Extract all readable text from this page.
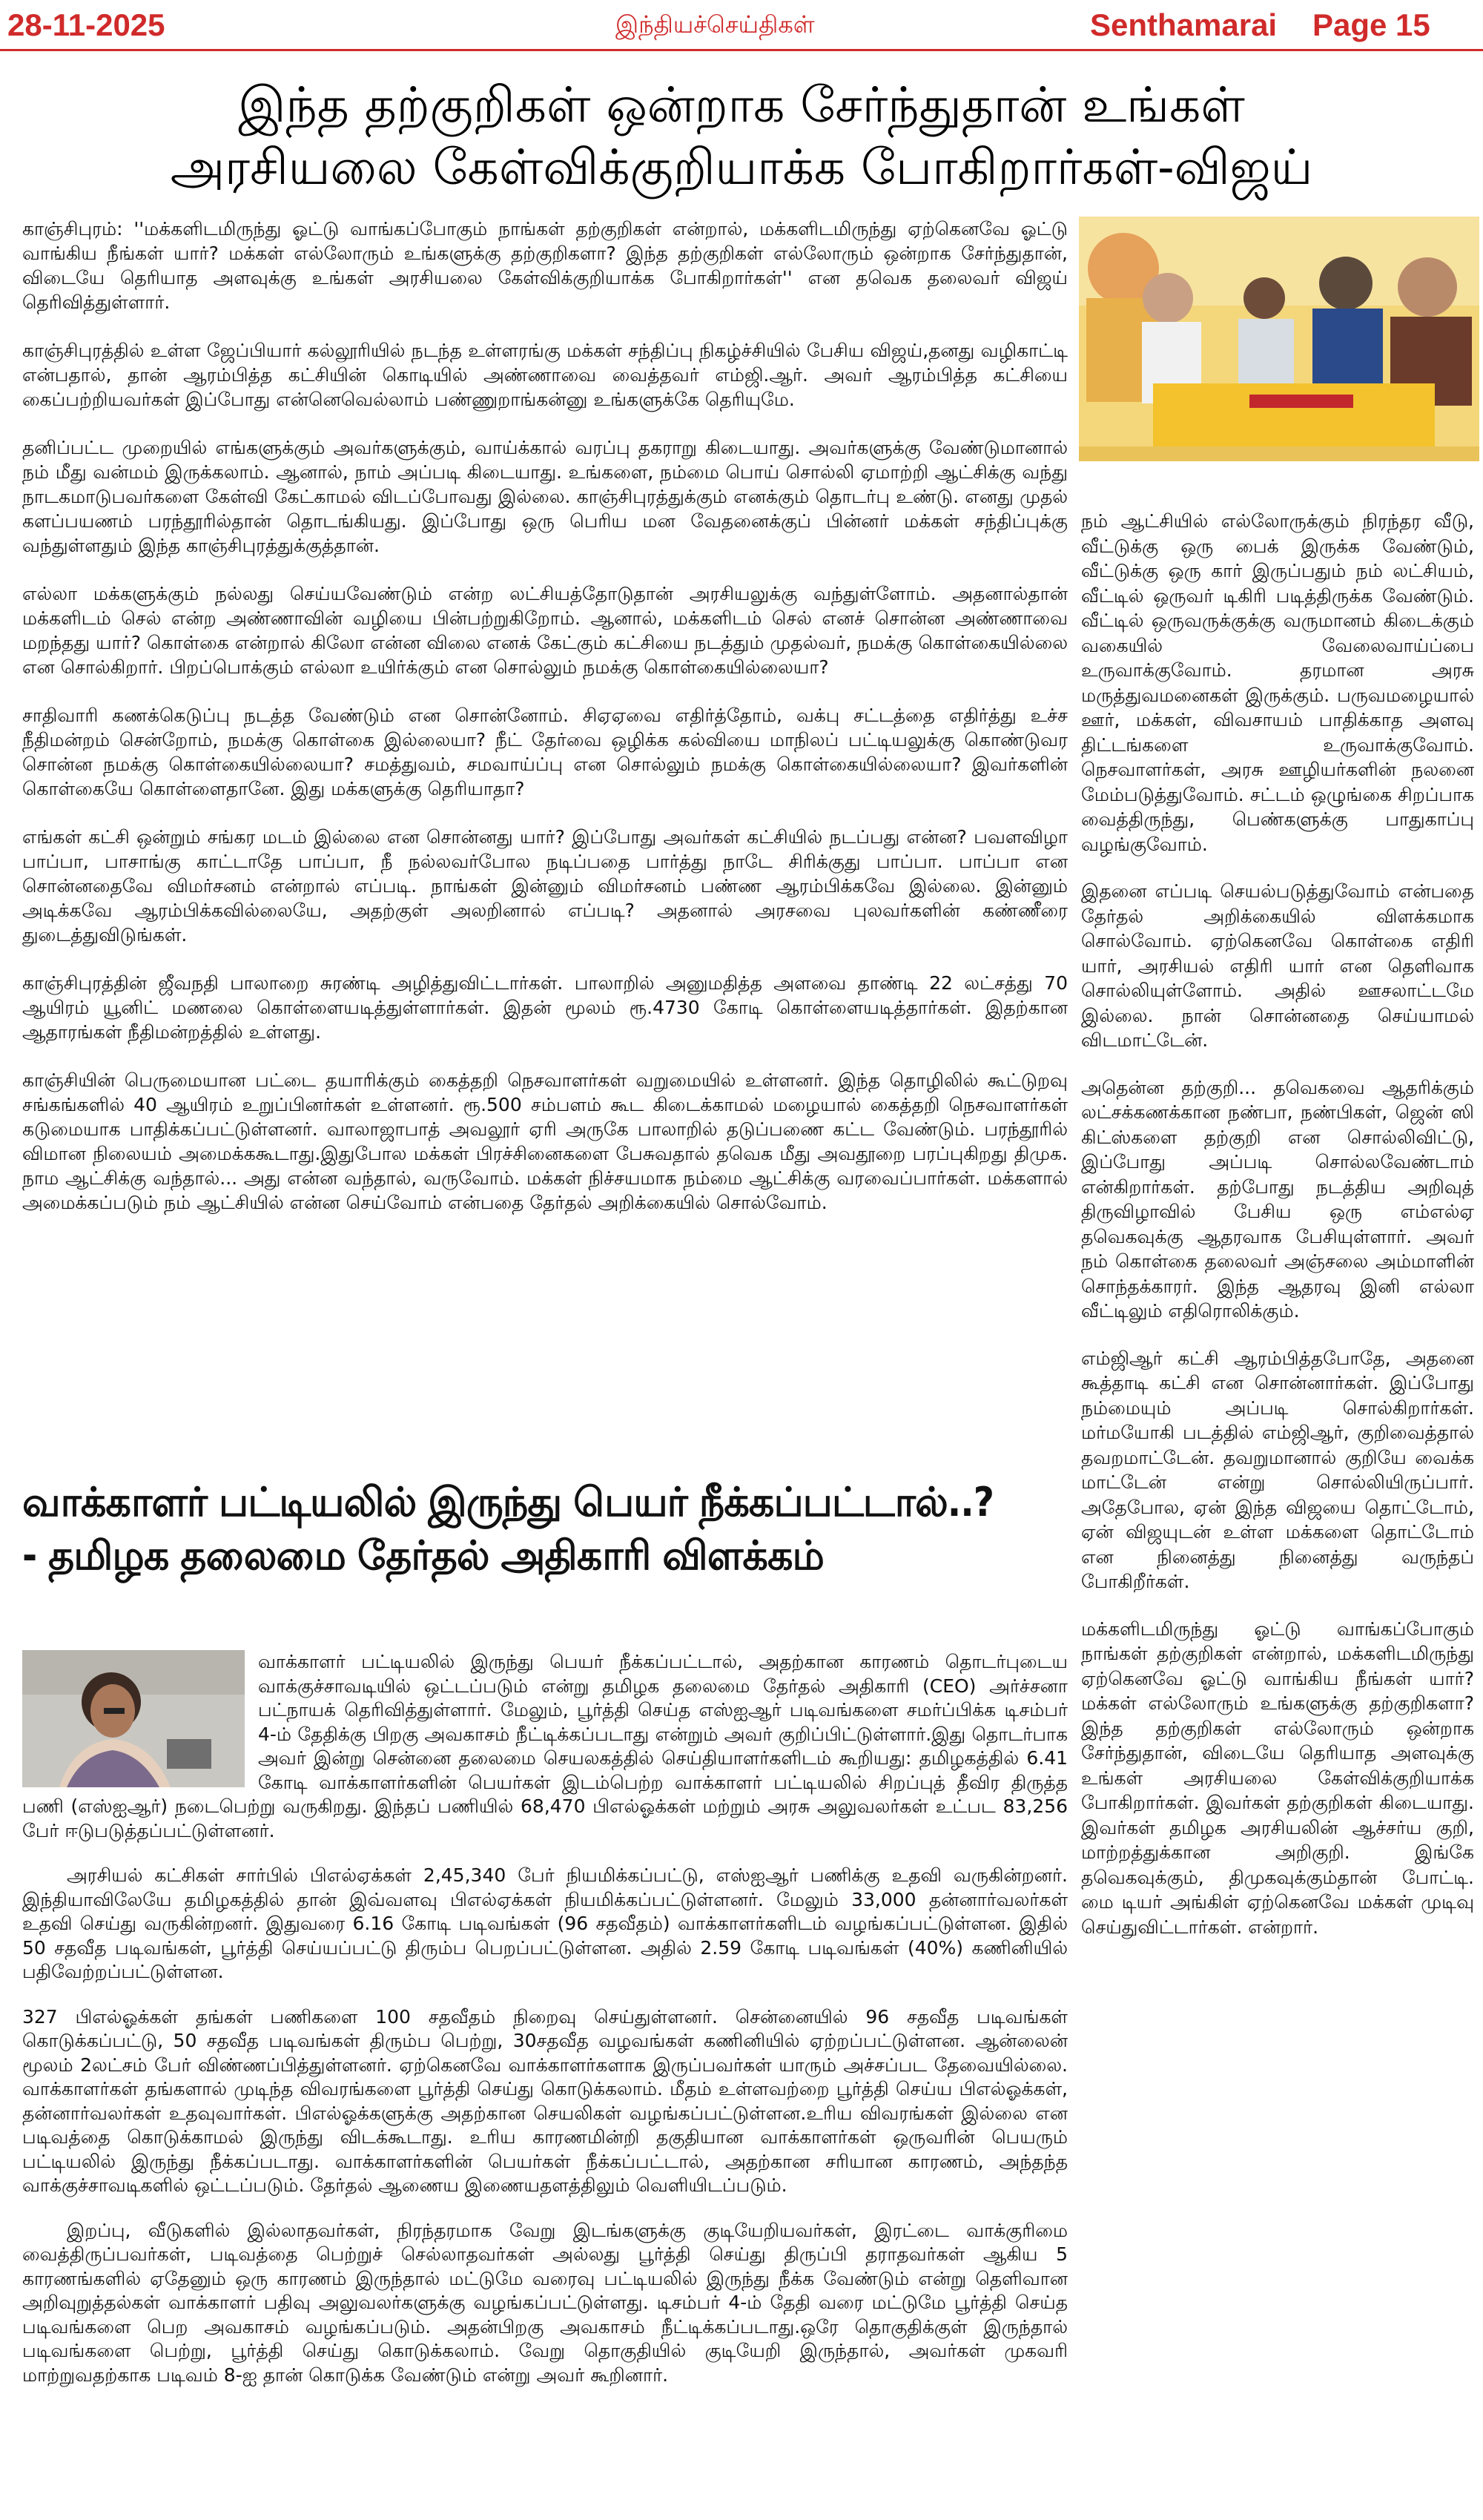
28-11-2025	இந்தியச்செய்திகள்	Senthamarai Page 15
இந்த தற்குறிகள் ஒன்றாக சேர்ந்துதான் உங்கள்
அரசியலை கேள்விக்குறியாக்க போகிறார்கள்-விஜய்

காஞ்சிபுரம்: ''மக்களிடமிருந்து ஓட்டு வாங்கப்போகும் நாங்கள் தற்குறிகள் என்றால், மக்களிடமிருந்து ஏற்கெனவே ஓட்டு வாங்கிய நீங்கள் யார்? மக்கள் எல்லோரும் உங்களுக்கு தற்குறிகளா? இந்த தற்குறிகள் எல்லோரும் ஒன்றாக சேர்ந்துதான், விடையே தெரியாத அளவுக்கு உங்கள் அரசியலை கேள்விக்குறியாக்க போகிறார்கள்'' என தவெக தலைவர் விஜய் தெரிவித்துள்ளார்.

காஞ்சிபுரத்தில் உள்ள ஜேப்பியார் கல்லூரியில் நடந்த உள்ளரங்கு மக்கள் சந்திப்பு நிகழ்ச்சியில் பேசிய விஜய்,தனது வழிகாட்டி என்பதால், தான் ஆரம்பித்த கட்சியின் கொடியில் அண்ணாவை வைத்தவர் எம்ஜி.ஆர். அவர் ஆரம்பித்த கட்சியை கைப்பற்றியவர்கள் இப்போது என்னெவெல்லாம் பண்ணுறாங்கன்னு உங்களுக்கே தெரியுமே.

தனிப்பட்ட முறையில் எங்களுக்கும் அவர்களுக்கும், வாய்க்கால் வரப்பு தகராறு கிடையாது. அவர்களுக்கு வேண்டுமானால் நம் மீது வன்மம் இருக்கலாம். ஆனால், நாம் அப்படி கிடையாது. உங்களை, நம்மை பொய் சொல்லி ஏமாற்றி ஆட்சிக்கு வந்து நாடகமாடுபவர்களை கேள்வி கேட்காமல் விடப்போவது இல்லை. காஞ்சிபுரத்துக்கும் எனக்கும் தொடர்பு உண்டு. எனது முதல் களப்பயணம் பரந்தூரில்தான் தொடங்கியது. இப்போது ஒரு பெரிய மன வேதனைக்குப் பின்னர் மக்கள் சந்திப்புக்கு வந்துள்ளதும் இந்த காஞ்சிபுரத்துக்குத்தான்.

எல்லா மக்களுக்கும் நல்லது செய்யவேண்டும் என்ற லட்சியத்தோடுதான் அரசியலுக்கு வந்துள்ளோம். அதனால்தான் மக்களிடம் செல் என்ற அண்ணாவின் வழியை பின்பற்றுகிறோம். ஆனால், மக்களிடம் செல் எனச் சொன்ன அண்ணாவை மறந்தது யார்? கொள்கை என்றால் கிலோ என்ன விலை எனக் கேட்கும் கட்சியை நடத்தும் முதல்வர், நமக்கு கொள்கையில்லை என சொல்கிறார். பிறப்பொக்கும் எல்லா உயிர்க்கும் என சொல்லும் நமக்கு கொள்கையில்லையா?

சாதிவாரி கணக்கெடுப்பு நடத்த வேண்டும் என சொன்னோம். சிஏஏவை எதிர்த்தோம், வக்பு சட்டத்தை எதிர்த்து உச்ச நீதிமன்றம் சென்றோம், நமக்கு கொள்கை இல்லையா? நீட் தேர்வை ஒழிக்க கல்வியை மாநிலப் பட்டியலுக்கு கொண்டுவர சொன்ன நமக்கு கொள்கையில்லையா? சமத்துவம், சமவாய்ப்பு என சொல்லும் நமக்கு கொள்கையில்லையா? இவர்களின் கொள்கையே கொள்ளைதானே. இது மக்களுக்கு தெரியாதா?

எங்கள் கட்சி ஒன்றும் சங்கர மடம் இல்லை என சொன்னது யார்? இப்போது அவர்கள் கட்சியில் நடப்பது என்ன? பவளவிழா பாப்பா, பாசாங்கு காட்டாதே பாப்பா, நீ நல்லவர்போல நடிப்பதை பார்த்து நாடே சிரிக்குது பாப்பா. பாப்பா என சொன்னதைவே விமர்சனம் என்றால் எப்படி. நாங்கள் இன்னும் விமர்சனம் பண்ண ஆரம்பிக்கவே இல்லை. இன்னும் அடிக்கவே ஆரம்பிக்கவில்லையே, அதற்குள் அலறினால் எப்படி? அதனால் அரசவை புலவர்களின் கண்ணீரை துடைத்துவிடுங்கள்.

காஞ்சிபுரத்தின் ஜீவநதி பாலாறை சுரண்டி அழித்துவிட்டார்கள். பாலாறில் அனுமதித்த அளவை தாண்டி 22 லட்சத்து 70 ஆயிரம் யூனிட் மணலை கொள்ளையடித்துள்ளார்கள். இதன் மூலம் ரூ.4730 கோடி கொள்ளையடித்தார்கள். இதற்கான ஆதாரங்கள் நீதிமன்றத்தில் உள்ளது.

காஞ்சியின் பெருமையான பட்டை தயாரிக்கும் கைத்தறி நெசவாளர்கள் வறுமையில் உள்ளனர். இந்த தொழிலில் கூட்டுறவு சங்கங்களில் 40 ஆயிரம் உறுப்பினர்கள் உள்ளனர். ரூ.500 சம்பளம் கூட கிடைக்காமல் மழையால் கைத்தறி நெசவாளர்கள் கடுமையாக பாதிக்கப்பட்டுள்ளனர். வாலாஜாபாத் அவலூர் ஏரி அருகே பாலாறில் தடுப்பணை கட்ட வேண்டும். பரந்தூரில் விமான நிலையம் அமைக்ககூடாது.இதுபோல மக்கள் பிரச்சினைகளை பேசுவதால் தவெக மீது அவதூறை பரப்புகிறது திமுக. நாம ஆட்சிக்கு வந்தால்... அது என்ன வந்தால், வருவோம். மக்கள் நிச்சயமாக நம்மை ஆட்சிக்கு வரவைப்பார்கள். மக்களால் அமைக்கப்படும் நம் ஆட்சியில் என்ன செய்வோம் என்பதை தேர்தல் அறிக்கையில் சொல்வோம்.

நம் ஆட்சியில் எல்லோருக்கும் நிரந்தர வீடு, வீட்டுக்கு ஒரு பைக் இருக்க வேண்டும், வீட்டுக்கு ஒரு கார் இருப்பதும் நம் லட்சியம், வீட்டில் ஒருவர் டிகிரி படித்திருக்க வேண்டும். வீட்டில் ஒருவருக்குக்கு வருமானம் கிடைக்கும் வகையில் வேலைவாய்ப்பை உருவாக்குவோம். தரமான அரசு மருத்துவமனைகள் இருக்கும். பருவமழையால் ஊர், மக்கள், விவசாயம் பாதிக்காத அளவு திட்டங்களை உருவாக்குவோம். நெசவாளர்கள், அரசு ஊழியர்களின் நலனை மேம்படுத்துவோம். சட்டம் ஒழுங்கை சிறப்பாக வைத்திருந்து, பெண்களுக்கு பாதுகாப்பு வழங்குவோம்.

இதனை எப்படி செயல்படுத்துவோம் என்பதை தேர்தல் அறிக்கையில் விளக்கமாக சொல்வோம். ஏற்கெனவே கொள்கை எதிரி யார், அரசியல் எதிரி யார் என தெளிவாக சொல்லியுள்ளோம். அதில் ஊசலாட்டமே இல்லை. நான் சொன்னதை செய்யாமல் விடமாட்டேன்.

அதென்ன தற்குறி... தவெகவை ஆதரிக்கும் லட்சக்கணக்கான நண்பா, நண்பிகள், ஜென் ஸி கிட்ஸ்களை தற்குறி என சொல்லிவிட்டு, இப்போது அப்படி சொல்லவேண்டாம் என்கிறார்கள். தற்போது நடத்திய அறிவுத் திருவிழாவில் பேசிய ஒரு எம்எல்ஏ தவெகவுக்கு ஆதரவாக பேசியுள்ளார். அவர் நம் கொள்கை தலைவர் அஞ்சலை அம்மாளின் சொந்தக்காரர். இந்த ஆதரவு இனி எல்லா வீட்டிலும் எதிரொலிக்கும்.

எம்ஜிஆர் கட்சி ஆரம்பித்தபோதே, அதனை கூத்தாடி கட்சி என சொன்னார்கள். இப்போது நம்மையும் அப்படி சொல்கிறார்கள். மர்மயோகி படத்தில் எம்ஜிஆர், குறிவைத்தால் தவறமாட்டேன். தவறுமானால் குறியே வைக்க மாட்டேன் என்று சொல்லியிருப்பார். அதேபோல, ஏன் இந்த விஜயை தொட்டோம், ஏன் விஜயுடன் உள்ள மக்களை தொட்டோம் என நினைத்து நினைத்து வருந்தப் போகிறீர்கள்.

மக்களிடமிருந்து ஓட்டு வாங்கப்போகும் நாங்கள் தற்குறிகள் என்றால், மக்களிடமிருந்து ஏற்கெனவே ஓட்டு வாங்கிய நீங்கள் யார்? மக்கள் எல்லோரும் உங்களுக்கு தற்குறிகளா? இந்த தற்குறிகள் எல்லோரும் ஒன்றாக சேர்ந்துதான், விடையே தெரியாத அளவுக்கு உங்கள் அரசியலை கேள்விக்குறியாக்க போகிறார்கள். இவர்கள் தற்குறிகள் கிடையாது. இவர்கள் தமிழக அரசியலின் ஆச்சர்ய குறி, மாற்றத்துக்கான அறிகுறி. இங்கே தவெகவுக்கும், திமுகவுக்கும்தான் போட்டி. மை டியர் அங்கிள் ஏற்கெனவே மக்கள் முடிவு செய்துவிட்டார்கள். என்றார்.

வாக்காளர் பட்டியலில் இருந்து பெயர் நீக்கப்பட்டால்..?
- தமிழக தலைமை தேர்தல் அதிகாரி விளக்கம்

வாக்காளர் பட்டியலில் இருந்து பெயர் நீக்கப்பட்டால், அதற்கான காரணம் தொடர்புடைய வாக்குச்சாவடியில் ஒட்டப்படும் என்று தமிழக தலைமை தேர்தல் அதிகாரி (CEO) அர்ச்சனா பட்நாயக் தெரிவித்துள்ளார். மேலும், பூர்த்தி செய்த எஸ்ஐஆர் படிவங்களை சமர்ப்பிக்க டிசம்பர் 4-ம் தேதிக்கு பிறகு அவகாசம் நீட்டிக்கப்படாது என்றும் அவர் குறிப்பிட்டுள்ளார்.இது தொடர்பாக அவர் இன்று சென்னை தலைமை செயலகத்தில் செய்தியாளர்களிடம் கூறியது: தமிழகத்தில் 6.41 கோடி வாக்காளர்களின் பெயர்கள் இடம்பெற்ற வாக்காளர் பட்டியலில் சிறப்புத் தீவிர திருத்த பணி (எஸ்ஐஆர்) நடைபெற்று வருகிறது. இந்தப் பணியில் 68,470 பிஎல்ஓக்கள் மற்றும் அரசு அலுவலர்கள் உட்பட 83,256 பேர் ஈடுபடுத்தப்பட்டுள்ளனர்.

அரசியல் கட்சிகள் சார்பில் பிஎல்ஏக்கள் 2,45,340 பேர் நியமிக்கப்பட்டு, எஸ்ஐஆர் பணிக்கு உதவி வருகின்றனர். இந்தியாவிலேயே தமிழகத்தில் தான் இவ்வளவு பிஎல்ஏக்கள் நியமிக்கப்பட்டுள்ளனர். மேலும் 33,000 தன்னார்வலர்கள் உதவி செய்து வருகின்றனர். இதுவரை 6.16 கோடி படிவங்கள் (96 சதவீதம்) வாக்காளர்களிடம் வழங்கப்பட்டுள்ளன. இதில் 50 சதவீத படிவங்கள், பூர்த்தி செய்யப்பட்டு திரும்ப பெறப்பட்டுள்ளன. அதில் 2.59 கோடி படிவங்கள் (40%) கணினியில் பதிவேற்றப்பட்டுள்ளன.

327 பிஎல்ஓக்கள் தங்கள் பணிகளை 100 சதவீதம் நிறைவு செய்துள்ளனர். சென்னையில் 96 சதவீத படிவங்கள் கொடுக்கப்பட்டு, 50 சதவீத படிவங்கள் திரும்ப பெற்று, 30சதவீத வழவங்கள் கணினியில் ஏற்றப்பட்டுள்ளன. ஆன்லைன் மூலம் 2லட்சம் பேர் விண்ணப்பித்துள்ளனர். ஏற்கெனவே வாக்காளர்களாக இருப்பவர்கள் யாரும் அச்சப்பட தேவையில்லை. வாக்காளர்கள் தங்களால் முடிந்த விவரங்களை பூர்த்தி செய்து கொடுக்கலாம். மீதம் உள்ளவற்றை பூர்த்தி செய்ய பிஎல்ஓக்கள், தன்னார்வலர்கள் உதவுவார்கள். பிஎல்ஓக்களுக்கு அதற்கான செயலிகள் வழங்கப்பட்டுள்ளன.உரிய விவரங்கள் இல்லை என படிவத்தை கொடுக்காமல் இருந்து விடக்கூடாது. உரிய காரணமின்றி தகுதியான வாக்காளர்கள் ஒருவரின் பெயரும் பட்டியலில் இருந்து நீக்கப்படாது. வாக்காளர்களின் பெயர்கள் நீக்கப்பட்டால், அதற்கான சரியான காரணம், அந்தந்த வாக்குச்சாவடிகளில் ஒட்டப்படும். தேர்தல் ஆணைய இணையதளத்திலும் வெளியிடப்படும்.

இறப்பு, வீடுகளில் இல்லாதவர்கள், நிரந்தரமாக வேறு இடங்களுக்கு குடியேறியவர்கள், இரட்டை வாக்குரிமை வைத்திருப்பவர்கள், படிவத்தை பெற்றுச் செல்லாதவர்கள் அல்லது பூர்த்தி செய்து திருப்பி தராதவர்கள் ஆகிய 5 காரணங்களில் ஏதேனும் ஒரு காரணம் இருந்தால் மட்டுமே வரைவு பட்டியலில் இருந்து நீக்க வேண்டும் என்று தெளிவான அறிவுறுத்தல்கள் வாக்காளர் பதிவு அலுவலர்களுக்கு வழங்கப்பட்டுள்ளது. டிசம்பர் 4-ம் தேதி வரை மட்டுமே பூர்த்தி செய்த படிவங்களை பெற அவகாசம் வழங்கப்படும். அதன்பிறகு அவகாசம் நீட்டிக்கப்படாது.ஒரே தொகுதிக்குள் இருந்தால் படிவங்களை பெற்று, பூர்த்தி செய்து கொடுக்கலாம். வேறு தொகுதியில் குடியேறி இருந்தால், அவர்கள் முகவரி மாற்றுவதற்காக படிவம் 8-ஐ தான் கொடுக்க வேண்டும் என்று அவர் கூறினார்.
